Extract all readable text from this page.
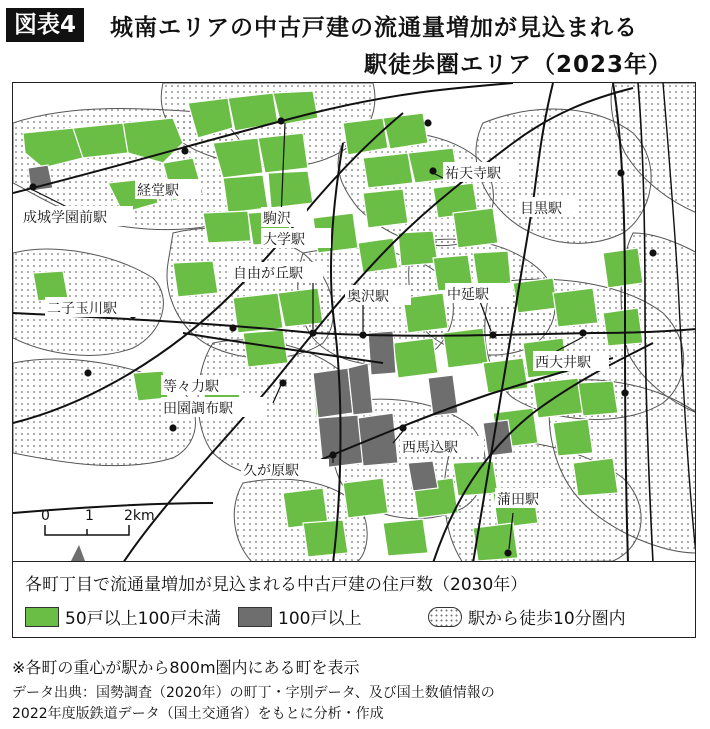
図表4	城南エリアの中古戸建の流通量増加が見込まれる
駅徒歩圏エリア（2023年）
経堂駅
成城学園前駅	駒沢
大学駅
祐天寺駅
目黒駅
自由が丘駅
奥沢駅	中延駅
二子玉川駅
西大井駅
等々力駅
田園調布駅
西馬込駅
久が原駅
蒲田駅
0	1 2km
各町丁目で流通量増加が見込まれる中古戸建の住戸数（2030年）
50戸以上100戸未満	100戸以上	駅から徒歩10分圏内
※各町の重心が駅から800m圏内にある町を表示
データ出典：国勢調査（2020年）の町丁・字別データ、及び国土数値情報の
2022年度版鉄道データ（国土交通省）をもとに分析・作成
